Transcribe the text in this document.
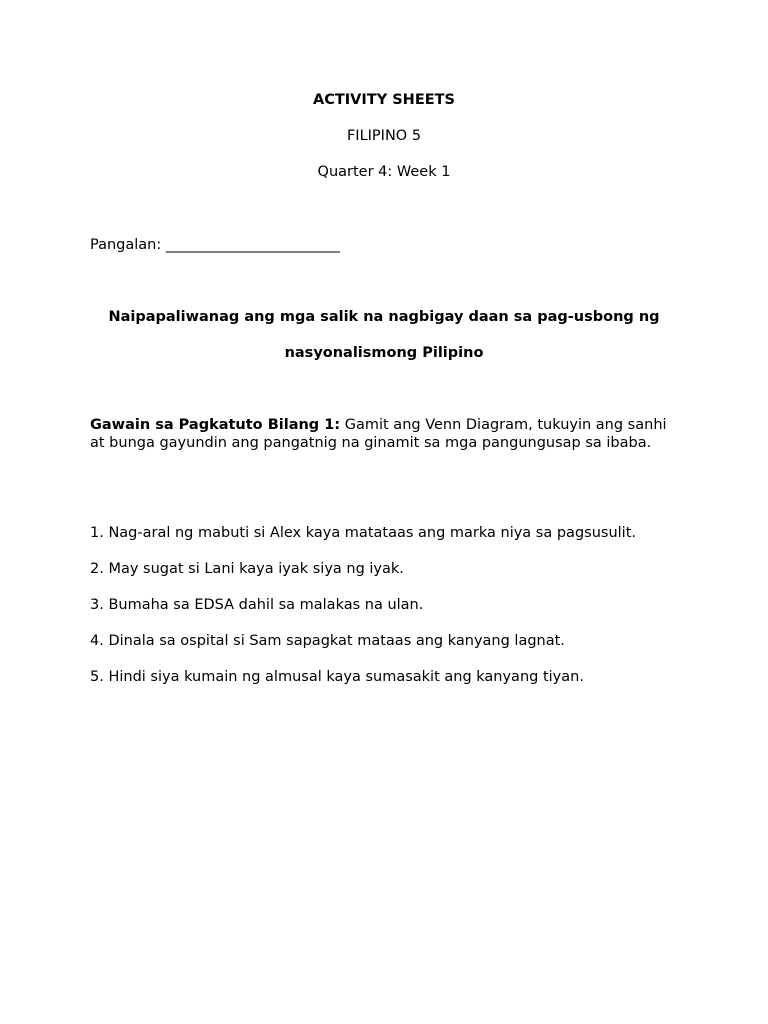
ACTIVITY SHEETS
FILIPINO 5
Quarter 4: Week 1
Pangalan: ________________________
Naipapaliwanag ang mga salik na nagbigay daan sa pag-usbong ng
nasyonalismong Pilipino
Gawain sa Pagkatuto Bilang 1: Gamit ang Venn Diagram, tukuyin ang sanhi at bunga gayundin ang pangatnig na ginamit sa mga pangungusap sa ibaba.
1. Nag-aral ng mabuti si Alex kaya matataas ang marka niya sa pagsusulit.
2. May sugat si Lani kaya iyak siya ng iyak.
3. Bumaha sa EDSA dahil sa malakas na ulan.
4. Dinala sa ospital si Sam sapagkat mataas ang kanyang lagnat.
5. Hindi siya kumain ng almusal kaya sumasakit ang kanyang tiyan.
